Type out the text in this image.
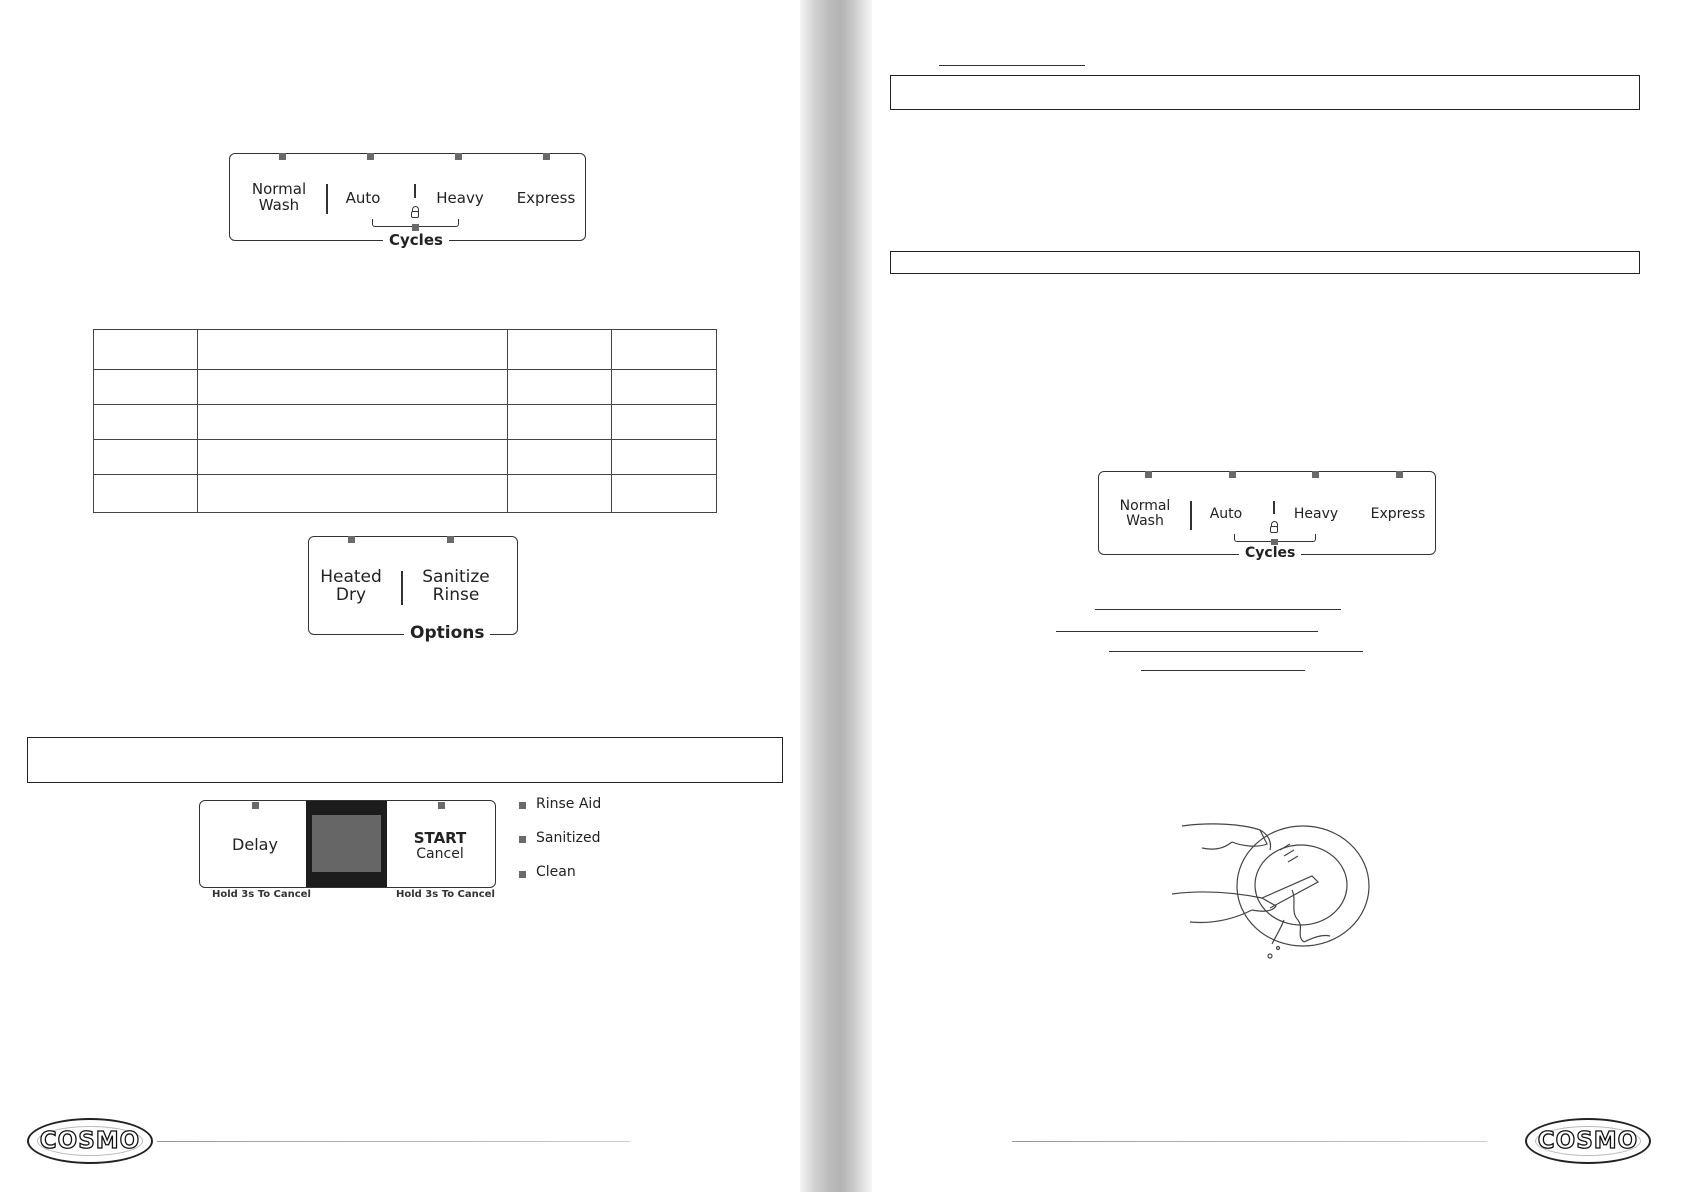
Normal
Wash	Auto	Heavy	Express
Cycles

Heated
Dry
Sanitize
Rinse
Options
Delay	START
Cancel
Hold 3s To Cancel	Hold 3s To Cancel
Rinse Aid
Sanitized
Clean
COSMO
Normal
Wash	Auto	Heavy	Express
Cycles
COSMO
